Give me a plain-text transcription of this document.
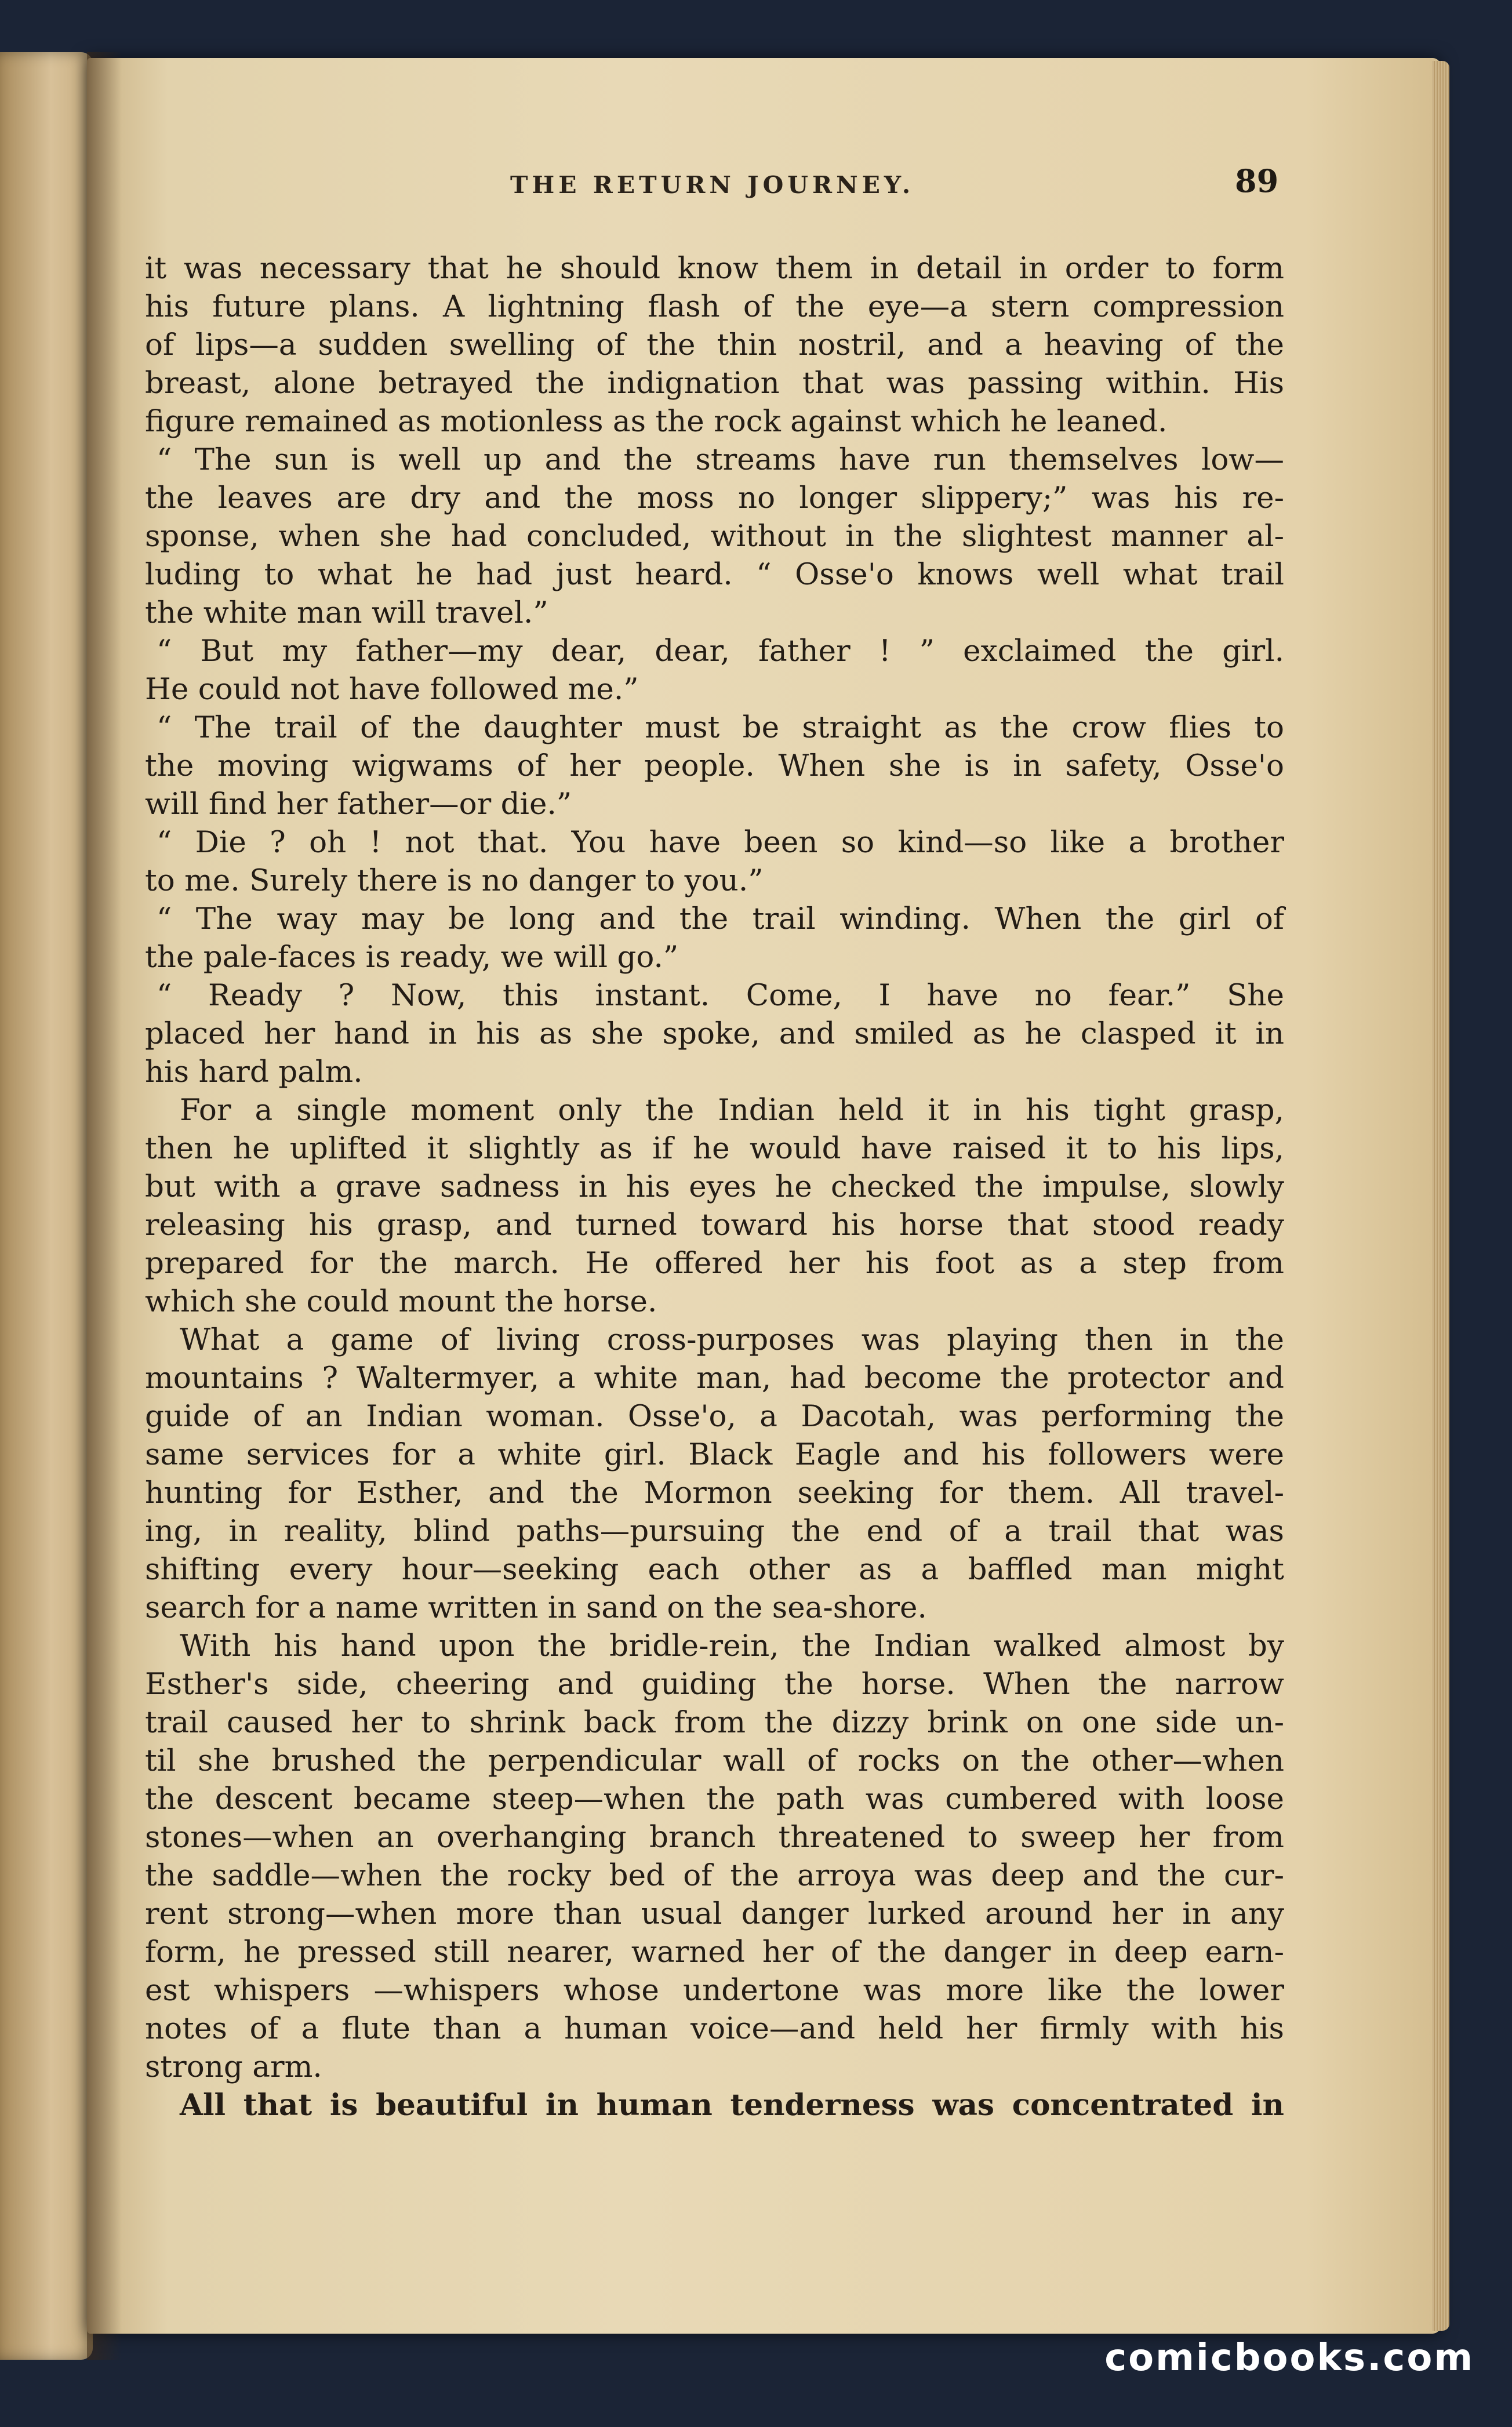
THE RETURN JOURNEY.	89
it was necessary that he should know them in detail in order to form
his future plans. A lightning flash of the eye—a stern compression
of lips—a sudden swelling of the thin nostril, and a heaving of the
breast, alone betrayed the indignation that was passing within. His
figure remained as motionless as the rock against which he leaned.
“ The sun is well up and the streams have run themselves low—
the leaves are dry and the moss no longer slippery;” was his re-
sponse, when she had concluded, without in the slightest manner al-
luding to what he had just heard. “ Osse'o knows well what trail
the white man will travel.”
“ But my father—my dear, dear, father ! ” exclaimed the girl.
He could not have followed me.”
“ The trail of the daughter must be straight as the crow flies to
the moving wigwams of her people. When she is in safety, Osse'o
will find her father—or die.”
“ Die ? oh ! not that. You have been so kind—so like a brother
to me. Surely there is no danger to you.”
“ The way may be long and the trail winding. When the girl of
the pale-faces is ready, we will go.”
“ Ready ? Now, this instant. Come, I have no fear.” She
placed her hand in his as she spoke, and smiled as he clasped it in
his hard palm.
For a single moment only the Indian held it in his tight grasp,
then he uplifted it slightly as if he would have raised it to his lips,
but with a grave sadness in his eyes he checked the impulse, slowly
releasing his grasp, and turned toward his horse that stood ready
prepared for the march. He offered her his foot as a step from
which she could mount the horse.
What a game of living cross-purposes was playing then in the
mountains ? Waltermyer, a white man, had become the protector and
guide of an Indian woman. Osse'o, a Dacotah, was performing the
same services for a white girl. Black Eagle and his followers were
hunting for Esther, and the Mormon seeking for them. All travel-
ing, in reality, blind paths—pursuing the end of a trail that was
shifting every hour—seeking each other as a baffled man might
search for a name written in sand on the sea-shore.
With his hand upon the bridle-rein, the Indian walked almost by
Esther's side, cheering and guiding the horse. When the narrow
trail caused her to shrink back from the dizzy brink on one side un-
til she brushed the perpendicular wall of rocks on the other—when
the descent became steep—when the path was cumbered with loose
stones—when an overhanging branch threatened to sweep her from
the saddle—when the rocky bed of the arroya was deep and the cur-
rent strong—when more than usual danger lurked around her in any
form, he pressed still nearer, warned her of the danger in deep earn-
est whispers —whispers whose undertone was more like the lower
notes of a flute than a human voice—and held her firmly with his
strong arm.
All that is beautiful in human tenderness was concentrated in
comicbooks.com
